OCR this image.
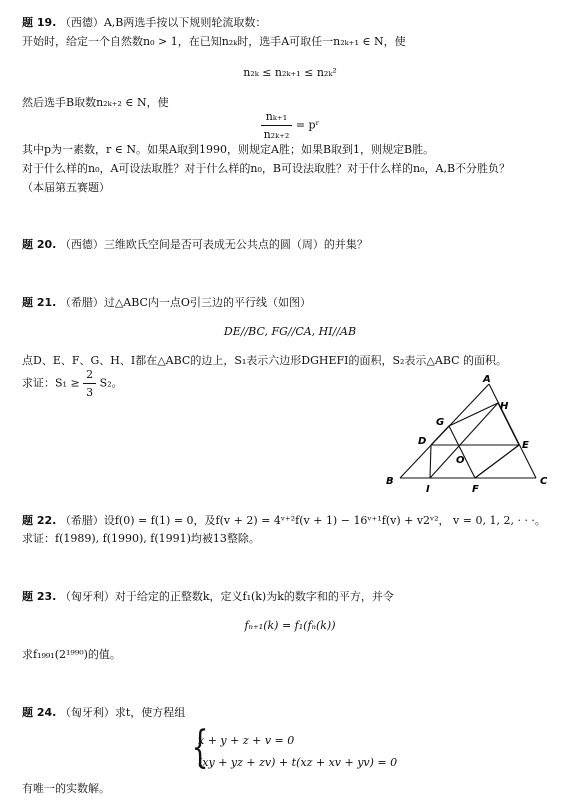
题 19. （西德）A,B两选手按以下规则轮流取数：
开始时，给定一个自然数n₀ > 1，在已知n₂ₖ时，选手A可取任一n₂ₖ₊₁ ∈ N，使
n₂ₖ ≤ n₂ₖ₊₁ ≤ n₂ₖ²
然后选手B取数n₂ₖ₊₂ ∈ N，使
$\frac{\text{nₖ₊₁}}{\text{n₂ₖ₊₂}}$ = pʳ
其中p为一素数，r ∈ N。如果A取到1990，则规定A胜；如果B取到1，则规定B胜。
对于什么样的n₀，A可设法取胜？对于什么样的n₀，B可设法取胜？对于什么样的n₀，A,B不分胜负？
（本届第五赛题）
题 20. （西德）三维欧氏空间是否可表成无公共点的圆（周）的并集？
题 21. （希腊）过△ABC内一点O引三边的平行线（如图）
DE//BC, FG//CA, HI//AB
点D、E、F、G、H、I都在△ABC的边上，S₁表示六边形DGHEFI的面积，S₂表示△ABC 的面积。
求证：$S_1 \ge \frac{2}{3} S_2$。	A
B	C
D	E
F
G
H
I
O
题 22. （希腊）设f(0) = f(1) = 0，及f(v + 2) = 4ᵛ⁺²f(v + 1) − 16ᵛ⁺¹f(v) + v2ᵛ²， v = 0, 1, 2, · · ·。
求证：f(1989), f(1990), f(1991)均被13整除。
题 23. （匈牙利）对于给定的正整数k，定义f₁(k)为k的数字和的平方，并令
fₙ₊₁(k) = f₁(fₙ(k))
求f₁₉₉₁(2¹⁹⁹⁰)的值。
题 24. （匈牙利）求t，使方程组
{
x + y + z + v = 0
(xy + yz + zv) + t(xz + xv + yv) = 0
有唯一的实数解。
